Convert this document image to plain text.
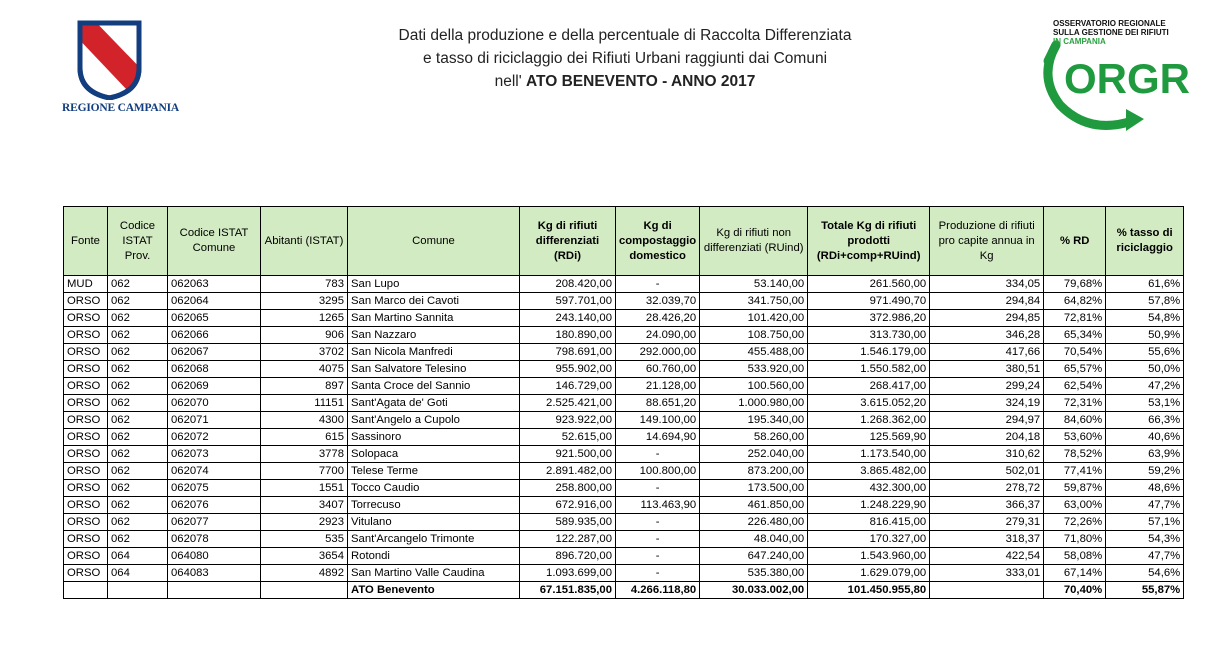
REGIONE CAMPANIA
Dati della produzione e della percentuale di Raccolta Differenziata
e tasso di riciclaggio dei Rifiuti Urbani raggiunti dai Comuni
nell' ATO BENEVENTO - ANNO 2017
OSSERVATORIO REGIONALE
SULLA GESTIONE DEI RIFIUTI
IN CAMPANIA
ORGR
Fonte	Codice ISTAT Prov.	Codice ISTAT Comune	Abitanti (ISTAT)	Comune	Kg di rifiuti differenziati (RDi)	Kg di compostaggio domestico	Kg di rifiuti non differenziati (RUind)	Totale Kg di rifiuti prodotti (RDi+comp+RUind)	Produzione di rifiuti pro capite annua in Kg	% RD	% tasso di riciclaggio
MUD	062	062063	783	San Lupo	208.420,00	-	53.140,00	261.560,00	334,05	79,68%	61,6%
ORSO	062	062064	3295	San Marco dei Cavoti	597.701,00	32.039,70	341.750,00	971.490,70	294,84	64,82%	57,8%
ORSO	062	062065	1265	San Martino Sannita	243.140,00	28.426,20	101.420,00	372.986,20	294,85	72,81%	54,8%
ORSO	062	062066	906	San Nazzaro	180.890,00	24.090,00	108.750,00	313.730,00	346,28	65,34%	50,9%
ORSO	062	062067	3702	San Nicola Manfredi	798.691,00	292.000,00	455.488,00	1.546.179,00	417,66	70,54%	55,6%
ORSO	062	062068	4075	San Salvatore Telesino	955.902,00	60.760,00	533.920,00	1.550.582,00	380,51	65,57%	50,0%
ORSO	062	062069	897	Santa Croce del Sannio	146.729,00	21.128,00	100.560,00	268.417,00	299,24	62,54%	47,2%
ORSO	062	062070	11151	Sant'Agata de' Goti	2.525.421,00	88.651,20	1.000.980,00	3.615.052,20	324,19	72,31%	53,1%
ORSO	062	062071	4300	Sant'Angelo a Cupolo	923.922,00	149.100,00	195.340,00	1.268.362,00	294,97	84,60%	66,3%
ORSO	062	062072	615	Sassinoro	52.615,00	14.694,90	58.260,00	125.569,90	204,18	53,60%	40,6%
ORSO	062	062073	3778	Solopaca	921.500,00	-	252.040,00	1.173.540,00	310,62	78,52%	63,9%
ORSO	062	062074	7700	Telese Terme	2.891.482,00	100.800,00	873.200,00	3.865.482,00	502,01	77,41%	59,2%
ORSO	062	062075	1551	Tocco Caudio	258.800,00	-	173.500,00	432.300,00	278,72	59,87%	48,6%
ORSO	062	062076	3407	Torrecuso	672.916,00	113.463,90	461.850,00	1.248.229,90	366,37	63,00%	47,7%
ORSO	062	062077	2923	Vitulano	589.935,00	-	226.480,00	816.415,00	279,31	72,26%	57,1%
ORSO	062	062078	535	Sant'Arcangelo Trimonte	122.287,00	-	48.040,00	170.327,00	318,37	71,80%	54,3%
ORSO	064	064080	3654	Rotondi	896.720,00	-	647.240,00	1.543.960,00	422,54	58,08%	47,7%
ORSO	064	064083	4892	San Martino Valle Caudina	1.093.699,00	-	535.380,00	1.629.079,00	333,01	67,14%	54,6%
				ATO Benevento	67.151.835,00	4.266.118,80	30.033.002,00	101.450.955,80		70,40%	55,87%
